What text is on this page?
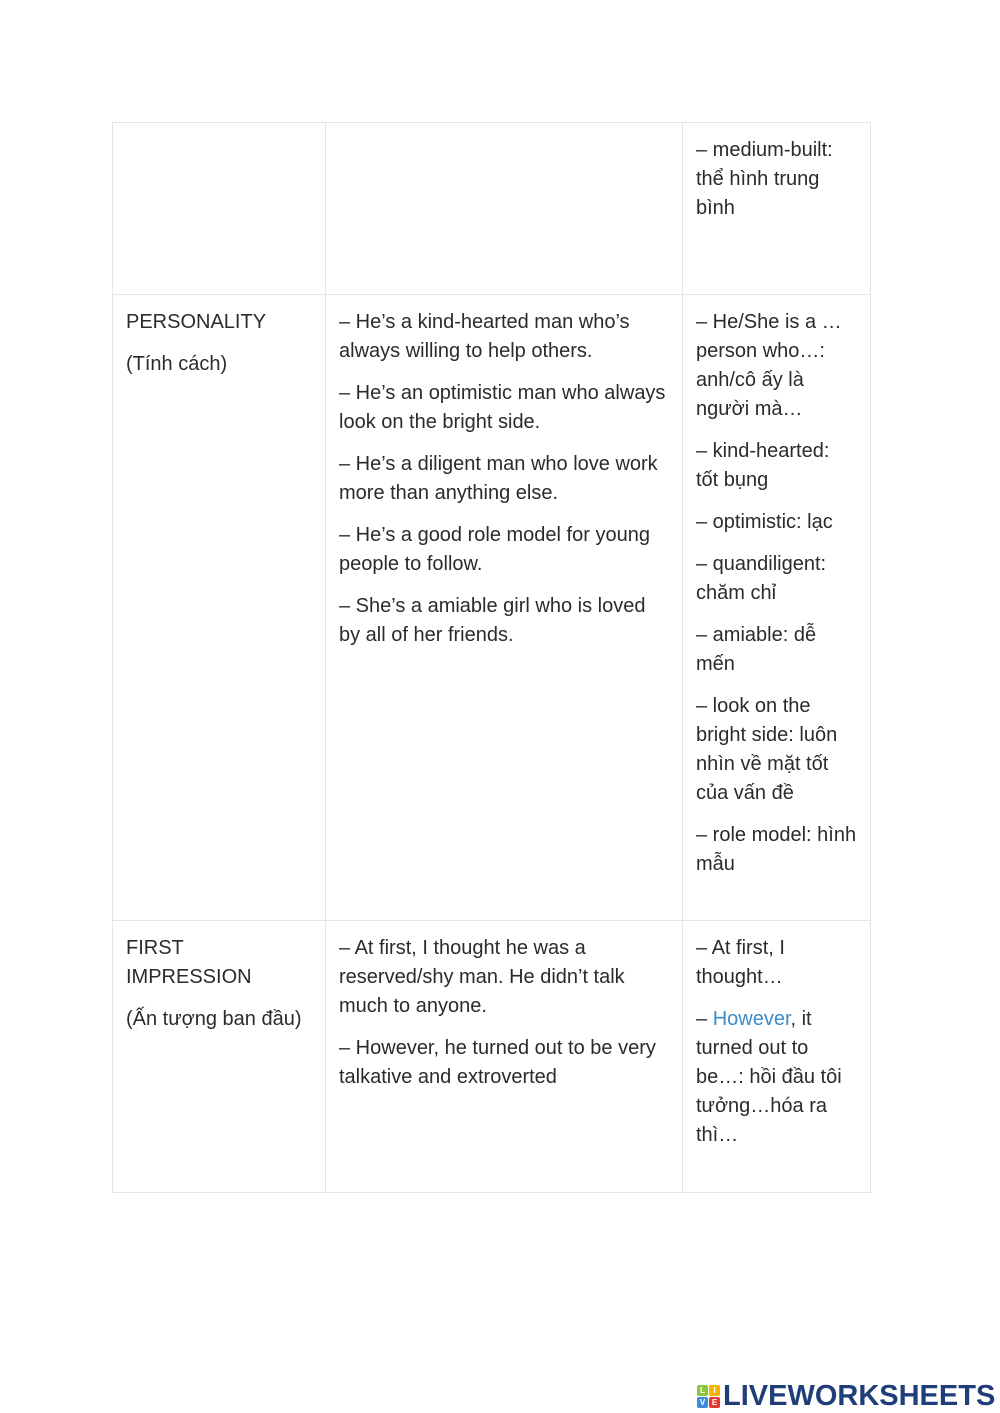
– medium-built: thể hình trung bình

PERSONALITY

(Tính cách)

– He’s a kind-hearted man who’s always willing to help others.

– He’s an optimistic man who always look on the bright side.

– He’s a diligent man who love work more than anything else.

– He’s a good role model for young people to follow.

– She’s a amiable girl who is loved by all of her friends.

– He/She is a … person who…: anh/cô ấy là người mà…

– kind-hearted: tốt bụng

– optimistic: lạc

– quandiligent: chăm chỉ

– amiable: dễ mến

– look on the bright side: luôn nhìn về mặt tốt của vấn đề

– role model: hình mẫu

FIRST IMPRESSION

(Ấn tượng ban đầu)

– At first, I thought he was a reserved/shy man. He didn’t talk much to anyone.

– However, he turned out to be very talkative and extroverted

– At first, I thought…

– However, it turned out to be…: hồi đầu tôi tưởng…hóa ra thì…

L	I
V E LIVEWORKSHEETS
